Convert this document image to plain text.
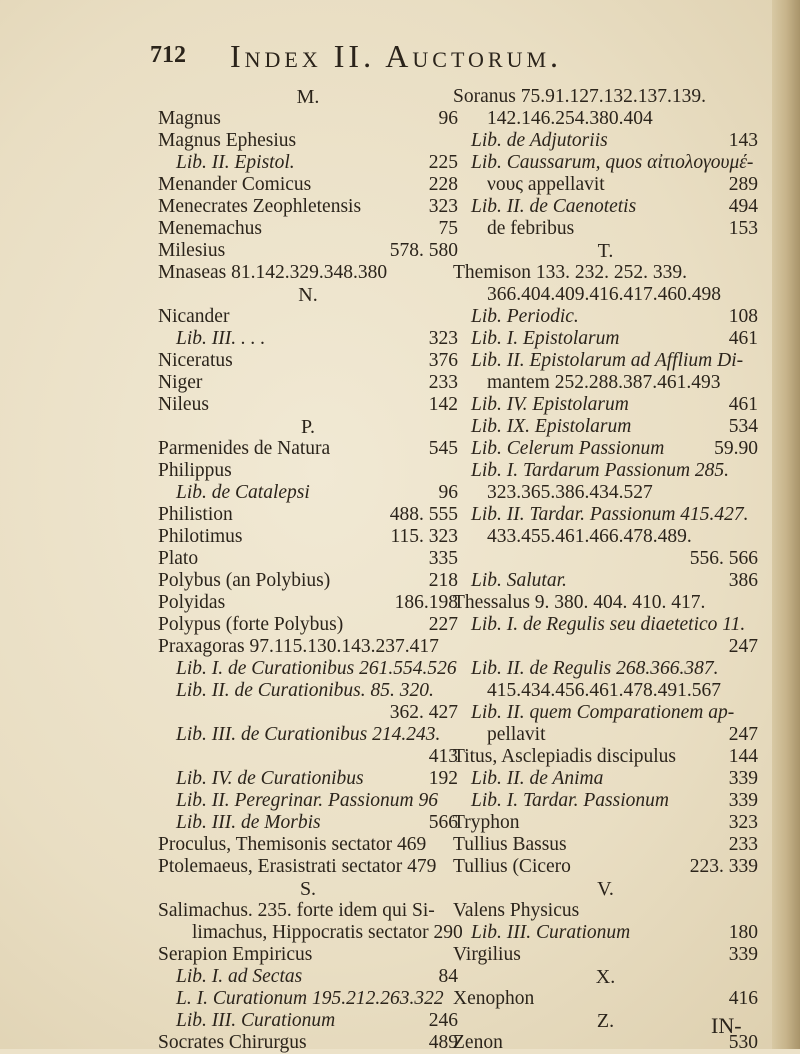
712 Index II. Auctorum.
M.
Magnus	96
Magnus Ephesius
Lib. II. Epistol.	225
Menander Comicus	228
Menecrates Zeophletensis	323
Menemachus	75
Milesius	578. 580
Mnaseas 81.142.329.348.380
N.
Nicander
Lib. III. . . .	323
Niceratus	376
Niger	233
Nileus	142
P.
Parmenides de Natura	545
Philippus
Lib. de Catalepsi	96
Philistion	488. 555
Philotimus	115. 323
Plato	335
Polybus (an Polybius)	218
Polyidas	186.198
Polypus (forte Polybus)	227
Praxagoras 97.115.130.143.237.417
Lib. I. de Curationibus 261.554.526
Lib. II. de Curationibus. 85. 320.
362. 427
Lib. III. de Curationibus 214.243.
413
Lib. IV. de Curationibus	192
Lib. II. Peregrinar. Passionum 96
Lib. III. de Morbis	566
Proculus, Themisonis sectator 469
Ptolemaeus, Erasistrati sectator 479
S.
Salimachus. 235. forte idem qui Si-
limachus, Hippocratis sectator 290
Serapion Empiricus
Lib. I. ad Sectas	84
L. I. Curationum 195.212.263.322
Lib. III. Curationum	246
Socrates Chirurgus	489
Soranus 75.91.127.132.137.139.
142.146.254.380.404
Lib. de Adjutoriis	143
Lib. Caussarum, quos αἰτιολογουμέ-
νους appellavit	289
Lib. II. de Caenotetis	494
de febribus	153
T.
Themison 133. 232. 252. 339.
366.404.409.416.417.460.498
Lib. Periodic.	108
Lib. I. Epistolarum	461
Lib. II. Epistolarum ad Afflium Di-
mantem 252.288.387.461.493
Lib. IV. Epistolarum	461
Lib. IX. Epistolarum	534
Lib. Celerum Passionum	59.90
Lib. I. Tardarum Passionum 285.
323.365.386.434.527
Lib. II. Tardar. Passionum 415.427.
433.455.461.466.478.489.
556. 566
Lib. Salutar.	386
Thessalus 9. 380. 404. 410. 417.
Lib. I. de Regulis seu diaetetico 11.
247
Lib. II. de Regulis 268.366.387.
415.434.456.461.478.491.567
Lib. II. quem Comparationem ap-
pellavit	247
Titus, Asclepiadis discipulus	144
Lib. II. de Anima	339
Lib. I. Tardar. Passionum	339
Tryphon	323
Tullius Bassus	233
Tullius (Cicero	223. 339
V.
Valens Physicus
Lib. III. Curationum	180
Virgilius	339
X.
Xenophon	416
Z.
Zenon	530
IN-
